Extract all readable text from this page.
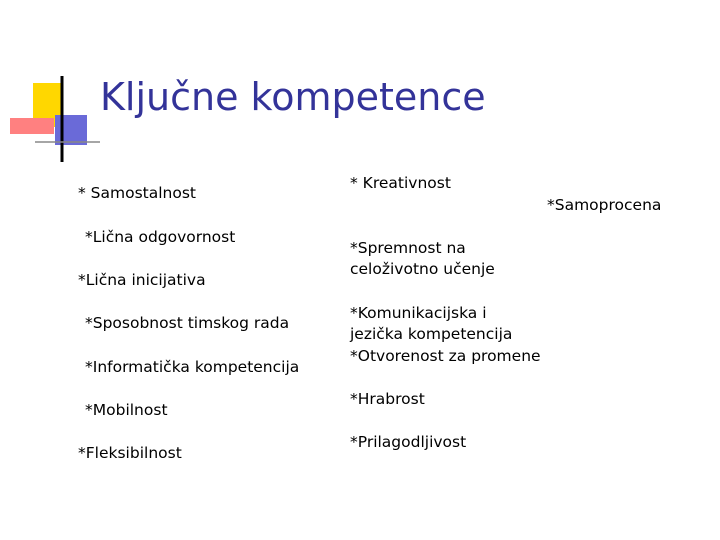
Ključne kompetence
* Samostalnost
*Lična odgovornost
*Lična inicijativa
*Sposobnost timskog rada
*Informatička kompetencija
*Mobilnost
*Fleksibilnost
* Kreativnost
*Spremnost na
celoživotno učenje
*Komunikacijska i
jezička kompetencija
*Otvorenost za promene
*Hrabrost
*Prilagodljivost
*Samoprocena
